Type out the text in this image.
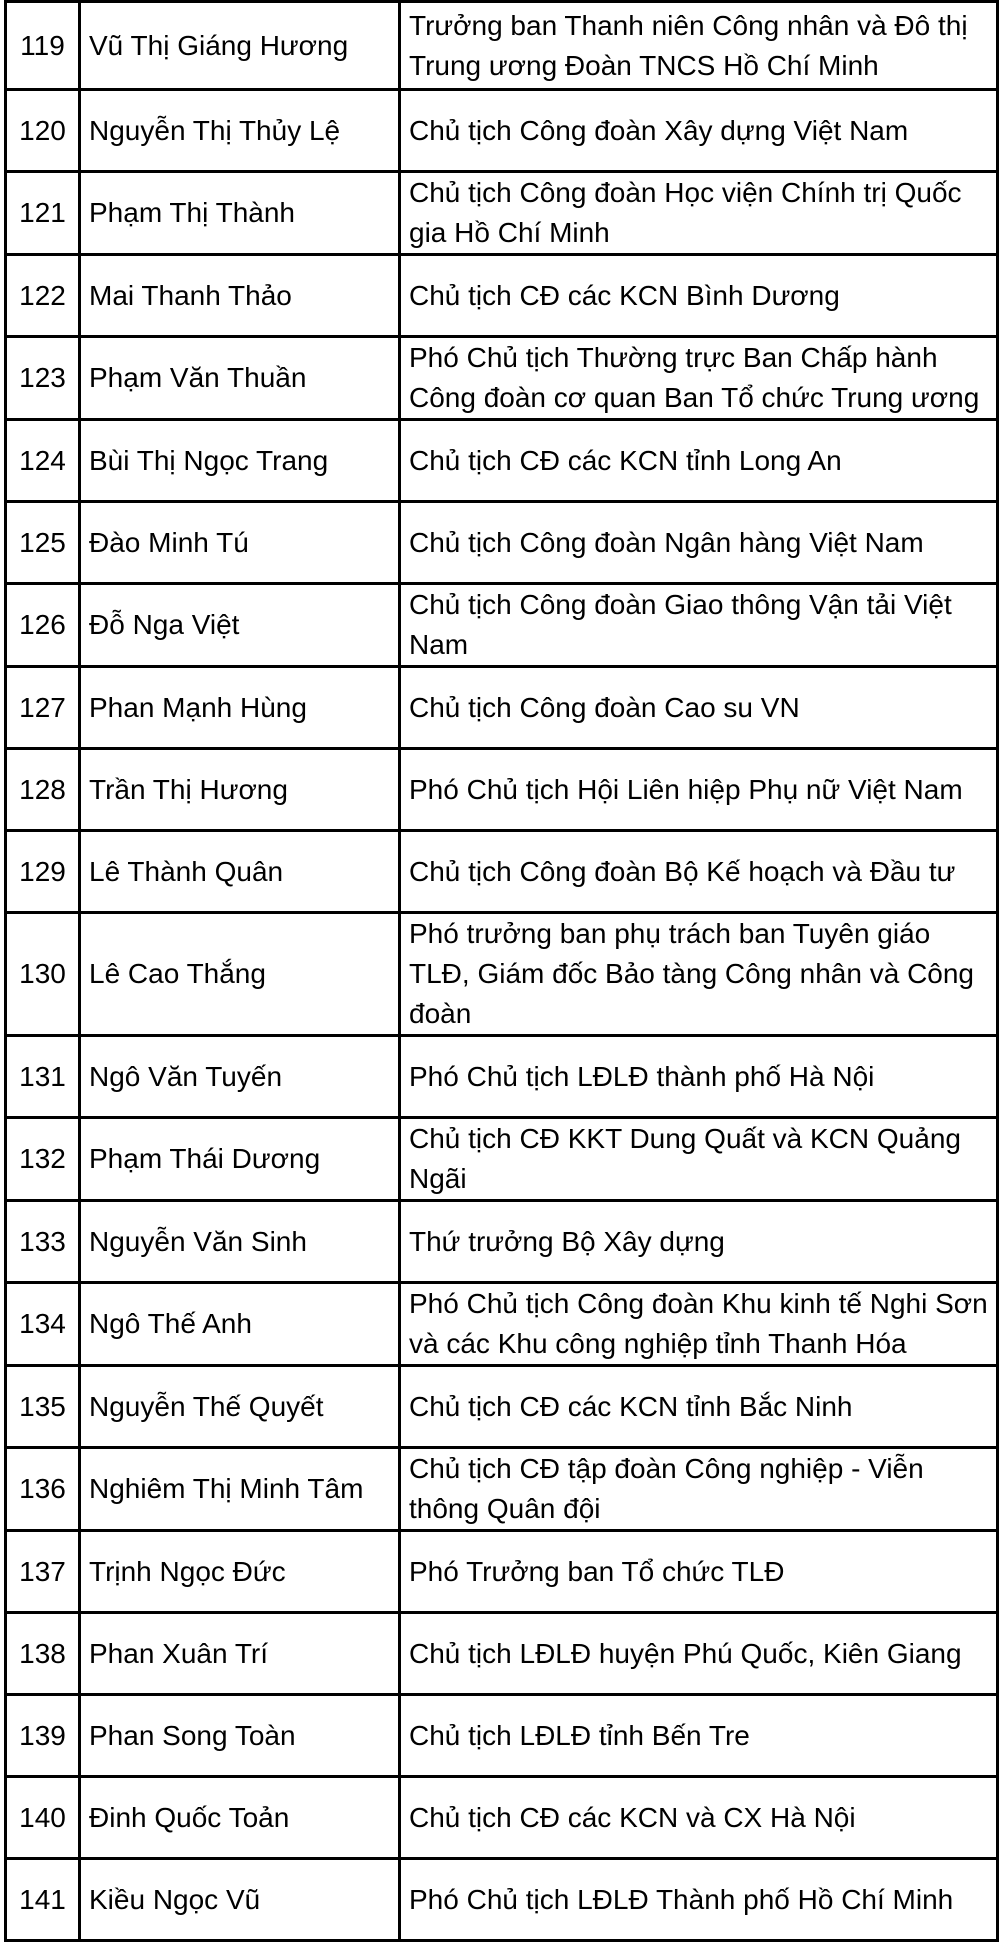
119	Vũ Thị Giáng Hương	Trưởng ban Thanh niên Công nhân và Đô thị Trung ương Đoàn TNCS Hồ Chí Minh
120	Nguyễn Thị Thủy Lệ	Chủ tịch Công đoàn Xây dựng Việt Nam
121	Phạm Thị Thành	Chủ tịch Công đoàn Học viện Chính trị Quốc gia Hồ Chí Minh
122	Mai Thanh Thảo	Chủ tịch CĐ các KCN Bình Dương
123	Phạm Văn Thuần	Phó Chủ tịch Thường trực Ban Chấp hành Công đoàn cơ quan Ban Tổ chức Trung ương
124	Bùi Thị Ngọc Trang	Chủ tịch CĐ các KCN tỉnh Long An
125	Đào Minh Tú	Chủ tịch Công đoàn Ngân hàng Việt Nam
126	Đỗ Nga Việt	Chủ tịch Công đoàn Giao thông Vận tải Việt Nam
127	Phan Mạnh Hùng	Chủ tịch Công đoàn Cao su VN
128	Trần Thị Hương	Phó Chủ tịch Hội Liên hiệp Phụ nữ Việt Nam
129	Lê Thành Quân	Chủ tịch Công đoàn Bộ Kế hoạch và Đầu tư
130	Lê Cao Thắng	Phó trưởng ban phụ trách ban Tuyên giáo TLĐ, Giám đốc Bảo tàng Công nhân và Công đoàn
131	Ngô Văn Tuyến	Phó Chủ tịch LĐLĐ thành phố Hà Nội
132	Phạm Thái Dương	Chủ tịch CĐ KKT Dung Quất và KCN Quảng Ngãi
133	Nguyễn Văn Sinh	Thứ trưởng Bộ Xây dựng
134	Ngô Thế Anh	Phó Chủ tịch Công đoàn Khu kinh tế Nghi Sơn và các Khu công nghiệp tỉnh Thanh Hóa
135	Nguyễn Thế Quyết	Chủ tịch CĐ các KCN tỉnh Bắc Ninh
136	Nghiêm Thị Minh Tâm	Chủ tịch CĐ tập đoàn Công nghiệp - Viễn thông Quân đội
137	Trịnh Ngọc Đức	Phó Trưởng ban Tổ chức TLĐ
138	Phan Xuân Trí	Chủ tịch LĐLĐ huyện Phú Quốc, Kiên Giang
139	Phan Song Toàn	Chủ tịch LĐLĐ tỉnh Bến Tre
140	Đinh Quốc Toản	Chủ tịch CĐ các KCN và CX Hà Nội
141	Kiều Ngọc Vũ	Phó Chủ tịch LĐLĐ Thành phố Hồ Chí Minh
